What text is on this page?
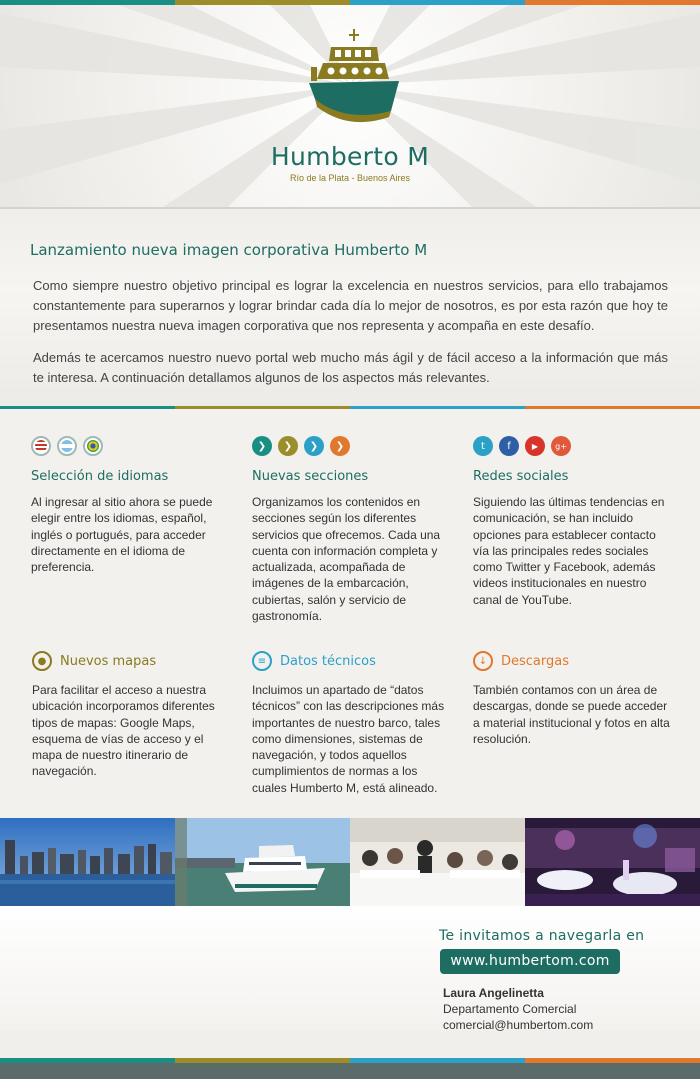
Humberto M
Río de la Plata - Buenos Aires
Lanzamiento nueva imagen corporativa Humberto M

Como siempre nuestro objetivo principal es lograr la excelencia en nuestros servicios, para ello trabajamos constantemente para superarnos y lograr brindar cada día lo mejor de nosotros, es por esta razón que hoy te presentamos nuestra nueva imagen corporativa que nos representa y acompaña en este desafío.

Además te acercamos nuestro nuevo portal web mucho más ágil y de fácil acceso a la información que más te interesa. A continuación detallamos algunos de los aspectos más relevantes.

Selección de idiomas
Al ingresar al sitio ahora se puede elegir entre los idiomas, español, inglés o portugués, para acceder directamente en el idioma de preferencia.
❯	❯	❯	❯
Nuevas secciones
Organizamos los contenidos en secciones según los diferentes servicios que ofrecemos. Cada una cuenta con información completa y actualizada, acompañada de imágenes de la embarcación, cubiertas, salón y servicio de gastronomía.
t	f	▶	g+
Redes sociales
Siguiendo las últimas tendencias en comunicación, se han incluido opciones para establecer contacto vía las principales redes sociales como Twitter y Facebook, además videos institucionales en nuestro canal de YouTube.
●	Nuevos mapas
Para facilitar el acceso a nuestra ubicación incorporamos diferentes tipos de mapas: Google Maps, esquema de vías de acceso y el mapa de nuestro itinerario de navegación.
≡	Datos técnicos
Incluimos un apartado de “datos técnicos” con las descripciones más importantes de nuestro barco, tales como dimensiones, sistemas de navegación, y todos aquellos cumplimientos de normas a los cuales Humberto M, está alineado.
↓	Descargas
También contamos con un área de descargas, donde se puede acceder a material institucional y fotos en alta resolución.
Te invitamos a navegarla en
www.humbertom.com
Laura Angelinetta
Departamento Comercial
comercial@humbertom.com
